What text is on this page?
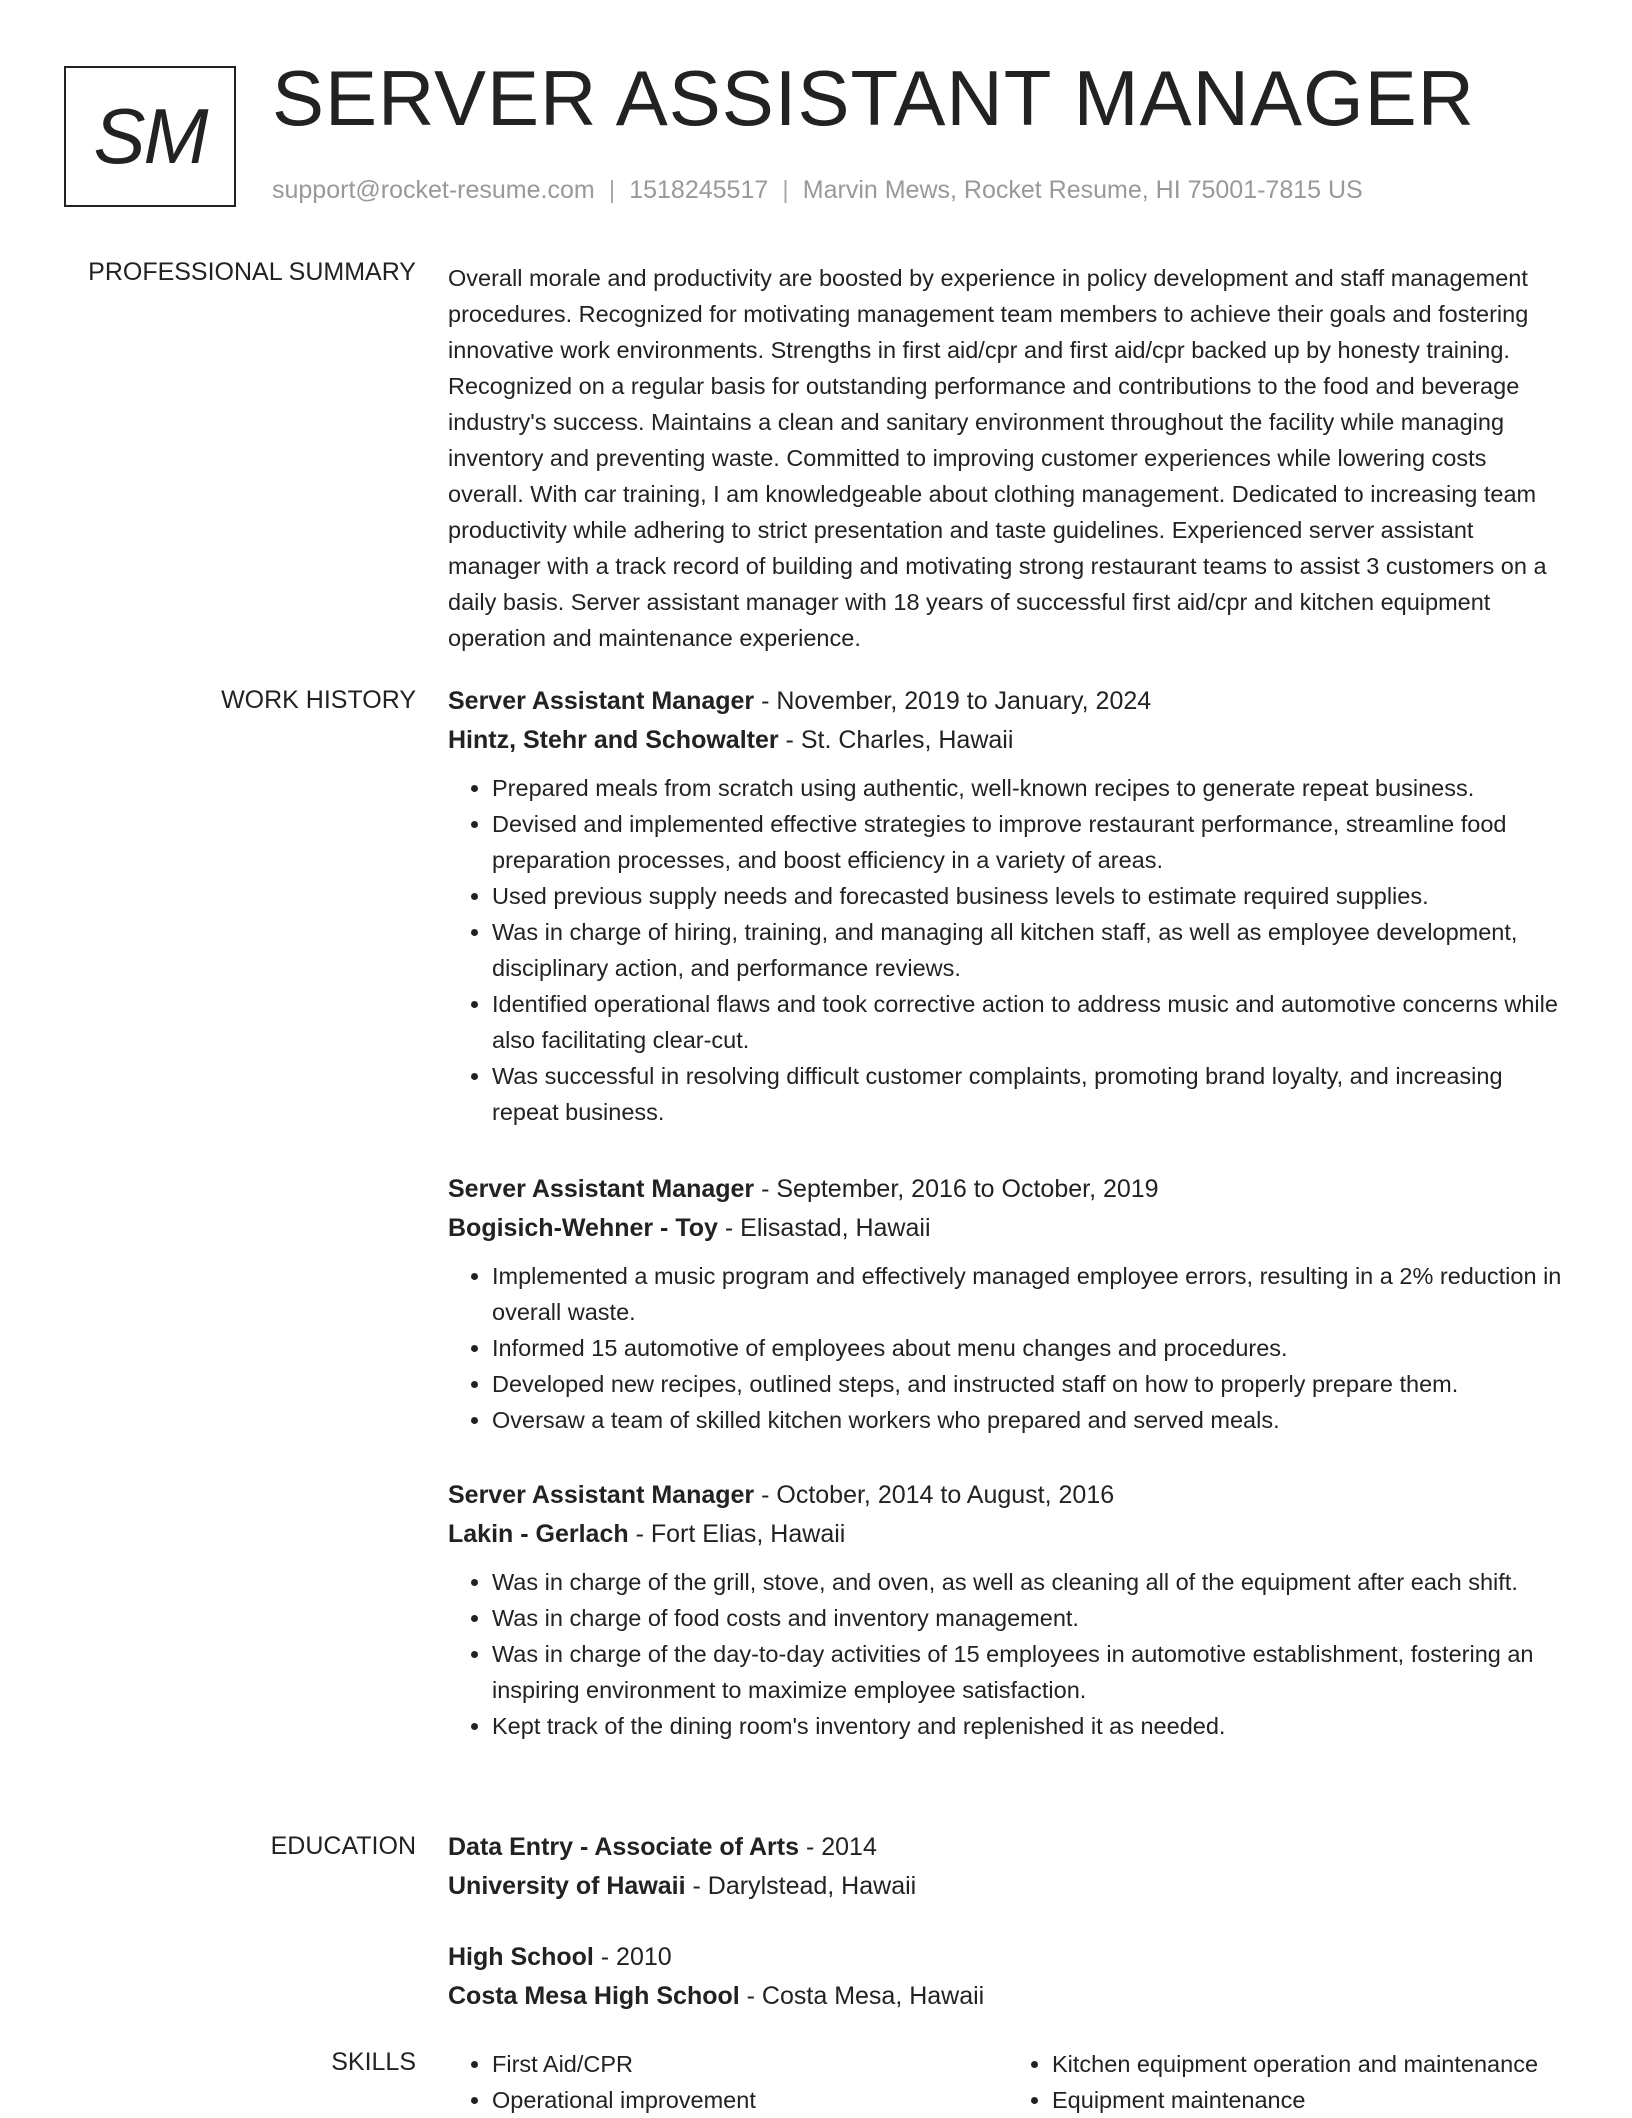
SM SERVER ASSISTANT MANAGER
support@rocket-resume.com | 1518245517 | Marvin Mews, Rocket Resume, HI 75001-7815 US
PROFESSIONAL SUMMARY Overall morale and productivity are boosted by experience in policy development and staff management procedures. Recognized for motivating management team members to achieve their goals and fostering innovative work environments. Strengths in first aid/cpr and first aid/cpr backed up by honesty training. Recognized on a regular basis for outstanding performance and contributions to the food and beverage industry's success. Maintains a clean and sanitary environment throughout the facility while managing inventory and preventing waste. Committed to improving customer experiences while lowering costs overall. With car training, I am knowledgeable about clothing management. Dedicated to increasing team productivity while adhering to strict presentation and taste guidelines. Experienced server assistant manager with a track record of building and motivating strong restaurant teams to assist 3 customers on a daily basis. Server assistant manager with 18 years of successful first aid/cpr and kitchen equipment operation and maintenance experience.
WORK HISTORY Server Assistant Manager - November, 2019 to January, 2024
Hintz, Stehr and Schowalter - St. Charles, Hawaii
• Prepared meals from scratch using authentic, well-known recipes to generate repeat business.
• Devised and implemented effective strategies to improve restaurant performance, streamline food preparation processes, and boost efficiency in a variety of areas.
• Used previous supply needs and forecasted business levels to estimate required supplies.
• Was in charge of hiring, training, and managing all kitchen staff, as well as employee development, disciplinary action, and performance reviews.
• Identified operational flaws and took corrective action to address music and automotive concerns while also facilitating clear-cut.
• Was successful in resolving difficult customer complaints, promoting brand loyalty, and increasing repeat business.
Server Assistant Manager - September, 2016 to October, 2019
Bogisich-Wehner - Toy - Elisastad, Hawaii
• Implemented a music program and effectively managed employee errors, resulting in a 2% reduction in overall waste.
• Informed 15 automotive of employees about menu changes and procedures.
• Developed new recipes, outlined steps, and instructed staff on how to properly prepare them.
• Oversaw a team of skilled kitchen workers who prepared and served meals.
Server Assistant Manager - October, 2014 to August, 2016
Lakin - Gerlach - Fort Elias, Hawaii
• Was in charge of the grill, stove, and oven, as well as cleaning all of the equipment after each shift.
• Was in charge of food costs and inventory management.
• Was in charge of the day-to-day activities of 15 employees in automotive establishment, fostering an inspiring environment to maximize employee satisfaction.
• Kept track of the dining room's inventory and replenished it as needed.
EDUCATION Data Entry - Associate of Arts - 2014
University of Hawaii - Darylstead, Hawaii
High School - 2010
Costa Mesa High School - Costa Mesa, Hawaii
SKILLS
•	First Aid/CPR
• Operational improvement
• Kitchen equipment operation and maintenance
• Equipment maintenance
